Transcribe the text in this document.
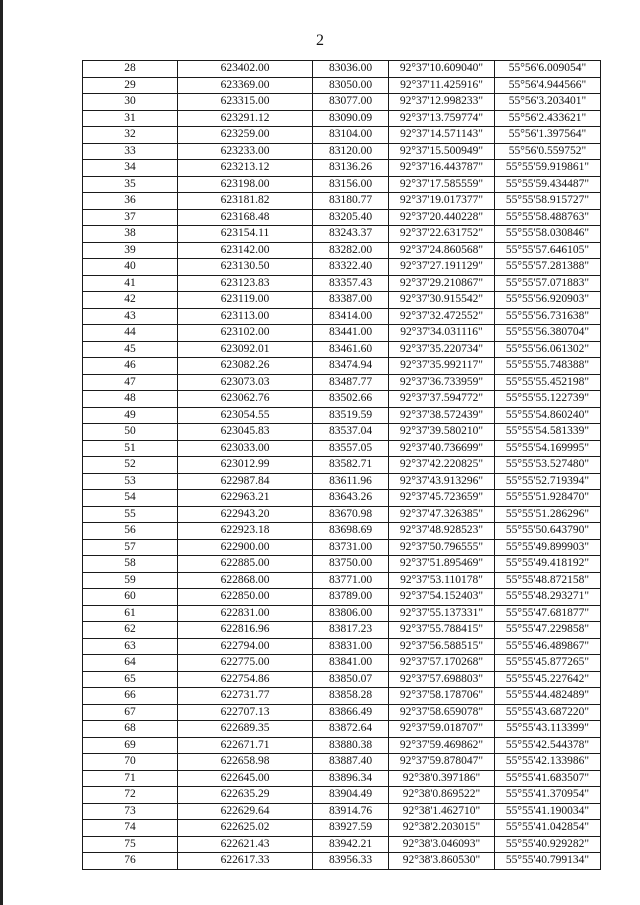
2
28	623402.00	83036.00	92°37'10.609040"	55°56'6.009054"
29	623369.00	83050.00	92°37'11.425916"	55°56'4.944566"
30	623315.00	83077.00	92°37'12.998233"	55°56'3.203401"
31	623291.12	83090.09	92°37'13.759774"	55°56'2.433621"
32	623259.00	83104.00	92°37'14.571143"	55°56'1.397564"
33	623233.00	83120.00	92°37'15.500949"	55°56'0.559752"
34	623213.12	83136.26	92°37'16.443787"	55°55'59.919861"
35	623198.00	83156.00	92°37'17.585559"	55°55'59.434487"
36	623181.82	83180.77	92°37'19.017377"	55°55'58.915727"
37	623168.48	83205.40	92°37'20.440228"	55°55'58.488763"
38	623154.11	83243.37	92°37'22.631752"	55°55'58.030846"
39	623142.00	83282.00	92°37'24.860568"	55°55'57.646105"
40	623130.50	83322.40	92°37'27.191129"	55°55'57.281388"
41	623123.83	83357.43	92°37'29.210867"	55°55'57.071883"
42	623119.00	83387.00	92°37'30.915542"	55°55'56.920903"
43	623113.00	83414.00	92°37'32.472552"	55°55'56.731638"
44	623102.00	83441.00	92°37'34.031116"	55°55'56.380704"
45	623092.01	83461.60	92°37'35.220734"	55°55'56.061302"
46	623082.26	83474.94	92°37'35.992117"	55°55'55.748388"
47	623073.03	83487.77	92°37'36.733959"	55°55'55.452198"
48	623062.76	83502.66	92°37'37.594772"	55°55'55.122739"
49	623054.55	83519.59	92°37'38.572439"	55°55'54.860240"
50	623045.83	83537.04	92°37'39.580210"	55°55'54.581339"
51	623033.00	83557.05	92°37'40.736699"	55°55'54.169995"
52	623012.99	83582.71	92°37'42.220825"	55°55'53.527480"
53	622987.84	83611.96	92°37'43.913296"	55°55'52.719394"
54	622963.21	83643.26	92°37'45.723659"	55°55'51.928470"
55	622943.20	83670.98	92°37'47.326385"	55°55'51.286296"
56	622923.18	83698.69	92°37'48.928523"	55°55'50.643790"
57	622900.00	83731.00	92°37'50.796555"	55°55'49.899903"
58	622885.00	83750.00	92°37'51.895469"	55°55'49.418192"
59	622868.00	83771.00	92°37'53.110178"	55°55'48.872158"
60	622850.00	83789.00	92°37'54.152403"	55°55'48.293271"
61	622831.00	83806.00	92°37'55.137331"	55°55'47.681877"
62	622816.96	83817.23	92°37'55.788415"	55°55'47.229858"
63	622794.00	83831.00	92°37'56.588515"	55°55'46.489867"
64	622775.00	83841.00	92°37'57.170268"	55°55'45.877265"
65	622754.86	83850.07	92°37'57.698803"	55°55'45.227642"
66	622731.77	83858.28	92°37'58.178706"	55°55'44.482489"
67	622707.13	83866.49	92°37'58.659078"	55°55'43.687220"
68	622689.35	83872.64	92°37'59.018707"	55°55'43.113399"
69	622671.71	83880.38	92°37'59.469862"	55°55'42.544378"
70	622658.98	83887.40	92°37'59.878047"	55°55'42.133986"
71	622645.00	83896.34	92°38'0.397186"	55°55'41.683507"
72	622635.29	83904.49	92°38'0.869522"	55°55'41.370954"
73	622629.64	83914.76	92°38'1.462710"	55°55'41.190034"
74	622625.02	83927.59	92°38'2.203015"	55°55'41.042854"
75	622621.43	83942.21	92°38'3.046093"	55°55'40.929282"
76	622617.33	83956.33	92°38'3.860530"	55°55'40.799134"
